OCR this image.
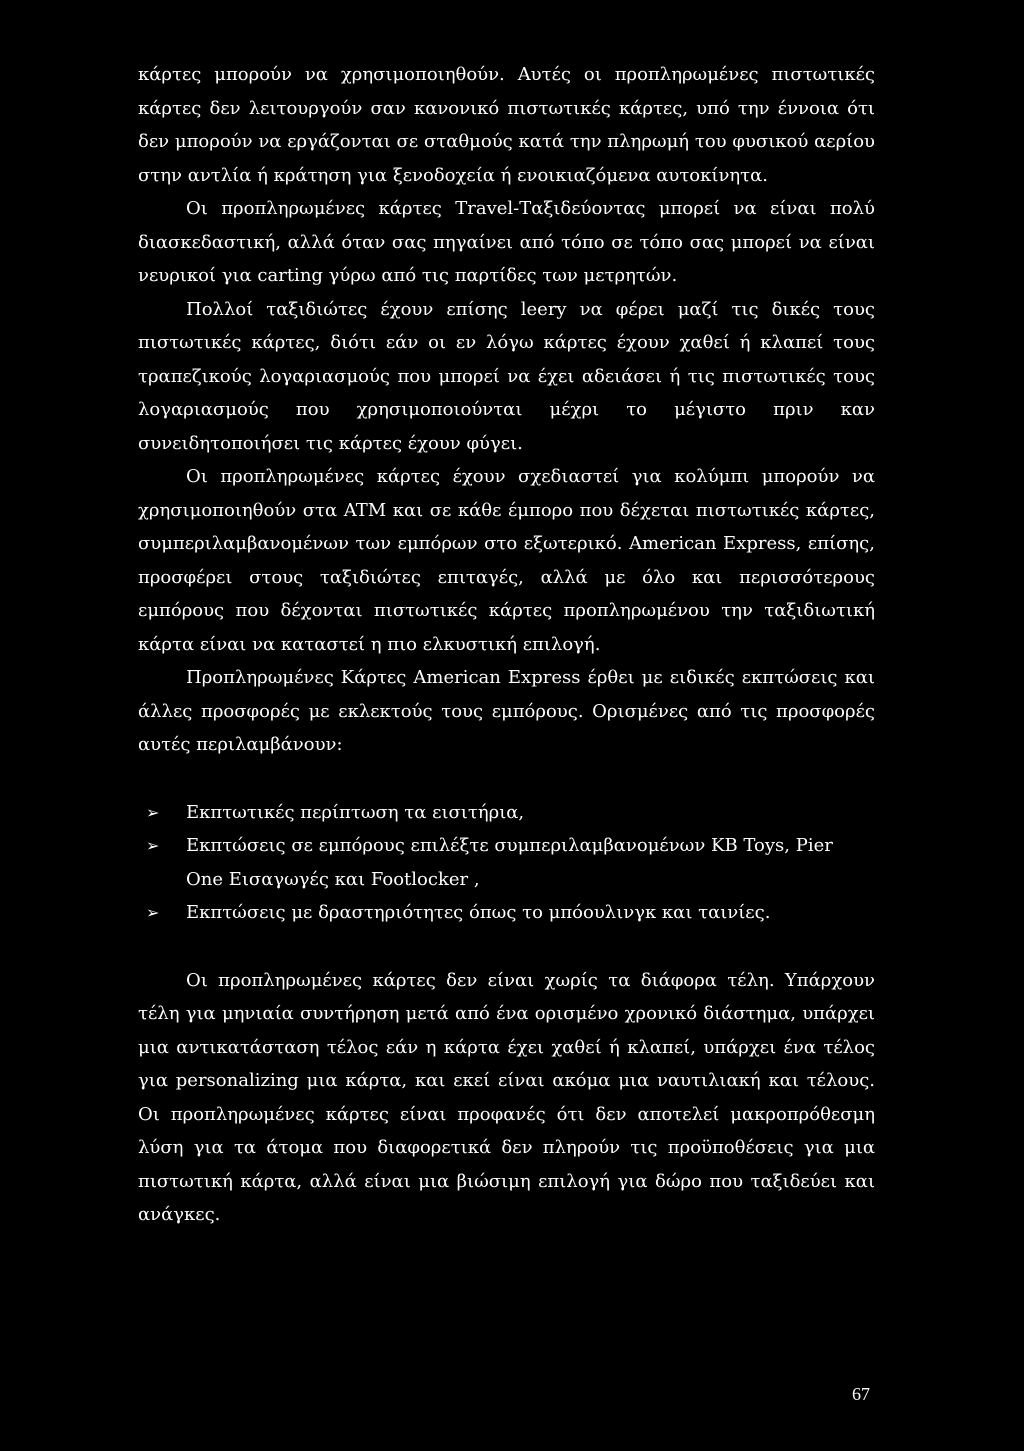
κάρτες μπορούν να χρησιμοποιηθούν. Αυτές οι προπληρωμένες πιστωτικές κάρτες δεν λειτουργούν σαν κανονικό πιστωτικές κάρτες, υπό την έννοια ότι δεν μπορούν να εργάζονται σε σταθμούς κατά την πληρωμή του φυσικού αερίου στην αντλία ή κράτηση για ξενοδοχεία ή ενοικιαζόμενα αυτοκίνητα.

Οι προπληρωμένες κάρτες Travel-Ταξιδεύοντας μπορεί να είναι πολύ διασκεδαστική, αλλά όταν σας πηγαίνει από τόπο σε τόπο σας μπορεί να είναι νευρικοί για carting γύρω από τις παρτίδες των μετρητών.

Πολλοί ταξιδιώτες έχουν επίσης leery να φέρει μαζί τις δικές τους πιστωτικές κάρτες, διότι εάν οι εν λόγω κάρτες έχουν χαθεί ή κλαπεί τους τραπεζικούς λογαριασμούς που μπορεί να έχει αδειάσει ή τις πιστωτικές τους λογαριασμούς που χρησιμοποιούνται μέχρι το μέγιστο πριν καν συνειδητοποιήσει τις κάρτες έχουν φύγει.

Οι προπληρωμένες κάρτες έχουν σχεδιαστεί για κολύμπι μπορούν να χρησιμοποιηθούν στα ATM και σε κάθε έμπορο που δέχεται πιστωτικές κάρτες, συμπεριλαμβανομένων των εμπόρων στο εξωτερικό. American Express, επίσης, προσφέρει στους ταξιδιώτες επιταγές, αλλά με όλο και περισσότερους εμπόρους που δέχονται πιστωτικές κάρτες προπληρωμένου την ταξιδιωτική κάρτα είναι να καταστεί η πιο ελκυστική επιλογή.

Προπληρωμένες Κάρτες American Express έρθει με ειδικές εκπτώσεις και άλλες προσφορές με εκλεκτούς τους εμπόρους. Ορισμένες από τις προσφορές αυτές περιλαμβάνουν:

➢ Εκπτωτικές περίπτωση τα εισιτήρια,
➢ Εκπτώσεις σε εμπόρους επιλέξτε συμπεριλαμβανομένων KB Toys, Pier One Εισαγωγές και Footlocker ,
➢ Εκπτώσεις με δραστηριότητες όπως το μπόουλινγκ και ταινίες.

Οι προπληρωμένες κάρτες δεν είναι χωρίς τα διάφορα τέλη. Υπάρχουν τέλη για μηνιαία συντήρηση μετά από ένα ορισμένο χρονικό διάστημα, υπάρχει μια αντικατάσταση τέλος εάν η κάρτα έχει χαθεί ή κλαπεί, υπάρχει ένα τέλος για personalizing μια κάρτα, και εκεί είναι ακόμα μια ναυτιλιακή και τέλους. Οι προπληρωμένες κάρτες είναι προφανές ότι δεν αποτελεί μακροπρόθεσμη λύση για τα άτομα που διαφορετικά δεν πληρούν τις προϋποθέσεις για μια πιστωτική κάρτα, αλλά είναι μια βιώσιμη επιλογή για δώρο που ταξιδεύει και ανάγκες.

67
